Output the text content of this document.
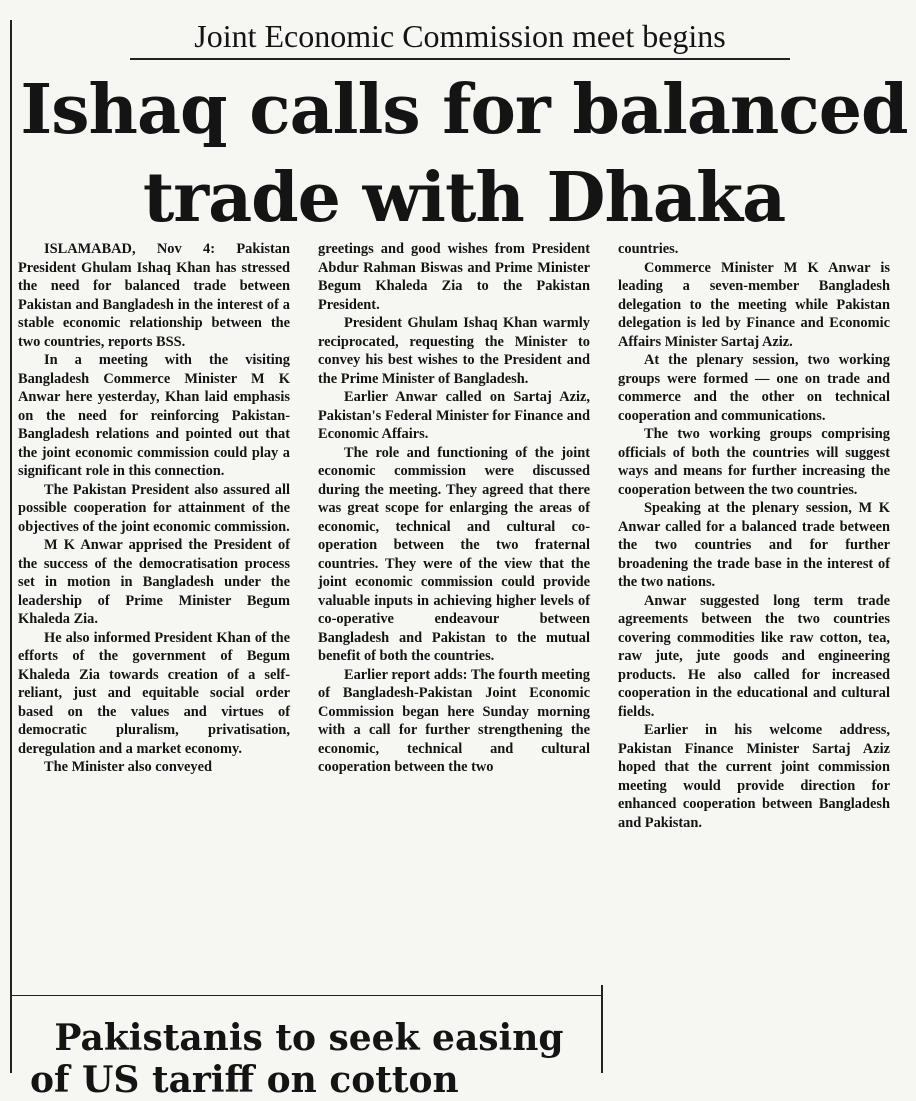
Joint Economic Commission meet begins
Ishaq calls for balanced
trade with Dhaka

ISLAMABAD, Nov 4: Pakistan President Ghulam Ishaq Khan has stressed the need for balanced trade between Pakistan and Bangladesh in the interest of a stable economic relationship between the two countries, reports BSS.

In a meeting with the visiting Bangladesh Commerce Minister M K Anwar here yesterday, Khan laid emphasis on the need for reinforcing Pakistan-Bangladesh relations and pointed out that the joint economic commission could play a significant role in this connection.

The Pakistan President also assured all possible cooperation for attainment of the objectives of the joint economic commission.

M K Anwar apprised the President of the success of the democratisation process set in motion in Bangladesh under the leadership of Prime Minister Begum Khaleda Zia.

He also informed President Khan of the efforts of the government of Begum Khaleda Zia towards creation of a self-reliant, just and equitable social order based on the values and virtues of democratic pluralism, privatisation, deregulation and a market economy.

The Minister also conveyed

greetings and good wishes from President Abdur Rahman Biswas and Prime Minister Begum Khaleda Zia to the Pakistan President.

President Ghulam Ishaq Khan warmly reciprocated, requesting the Minister to convey his best wishes to the President and the Prime Minister of Bangladesh.

Earlier Anwar called on Sartaj Aziz, Pakistan's Federal Minister for Finance and Economic Affairs.

The role and functioning of the joint economic commission were discussed during the meeting. They agreed that there was great scope for enlarging the areas of economic, technical and cultural co-operation between the two fraternal countries. They were of the view that the joint economic commission could provide valuable inputs in achieving higher levels of co-operative endeavour between Bangladesh and Pakistan to the mutual benefit of both the countries.

Earlier report adds: The fourth meeting of Bangladesh-Pakistan Joint Economic Commission began here Sunday morning with a call for further strengthening the economic, technical and cultural cooperation between the two

countries.

Commerce Minister M K Anwar is leading a seven-member Bangladesh delegation to the meeting while Pakistan delegation is led by Finance and Economic Affairs Minister Sartaj Aziz.

At the plenary session, two working groups were formed — one on trade and commerce and the other on technical cooperation and communications.

The two working groups comprising officials of both the countries will suggest ways and means for further increasing the cooperation between the two countries.

Speaking at the plenary session, M K Anwar called for a balanced trade between the two countries and for further broadening the trade base in the interest of the two nations.

Anwar suggested long term trade agreements between the two countries covering commodities like raw cotton, tea, raw jute, jute goods and engineering products. He also called for increased cooperation in the educational and cultural fields.

Earlier in his welcome address, Pakistan Finance Minister Sartaj Aziz hoped that the current joint commission meeting would provide direction for enhanced cooperation between Bangladesh and Pakistan.

Pakistanis to seek easing
of US tariff on cotton
